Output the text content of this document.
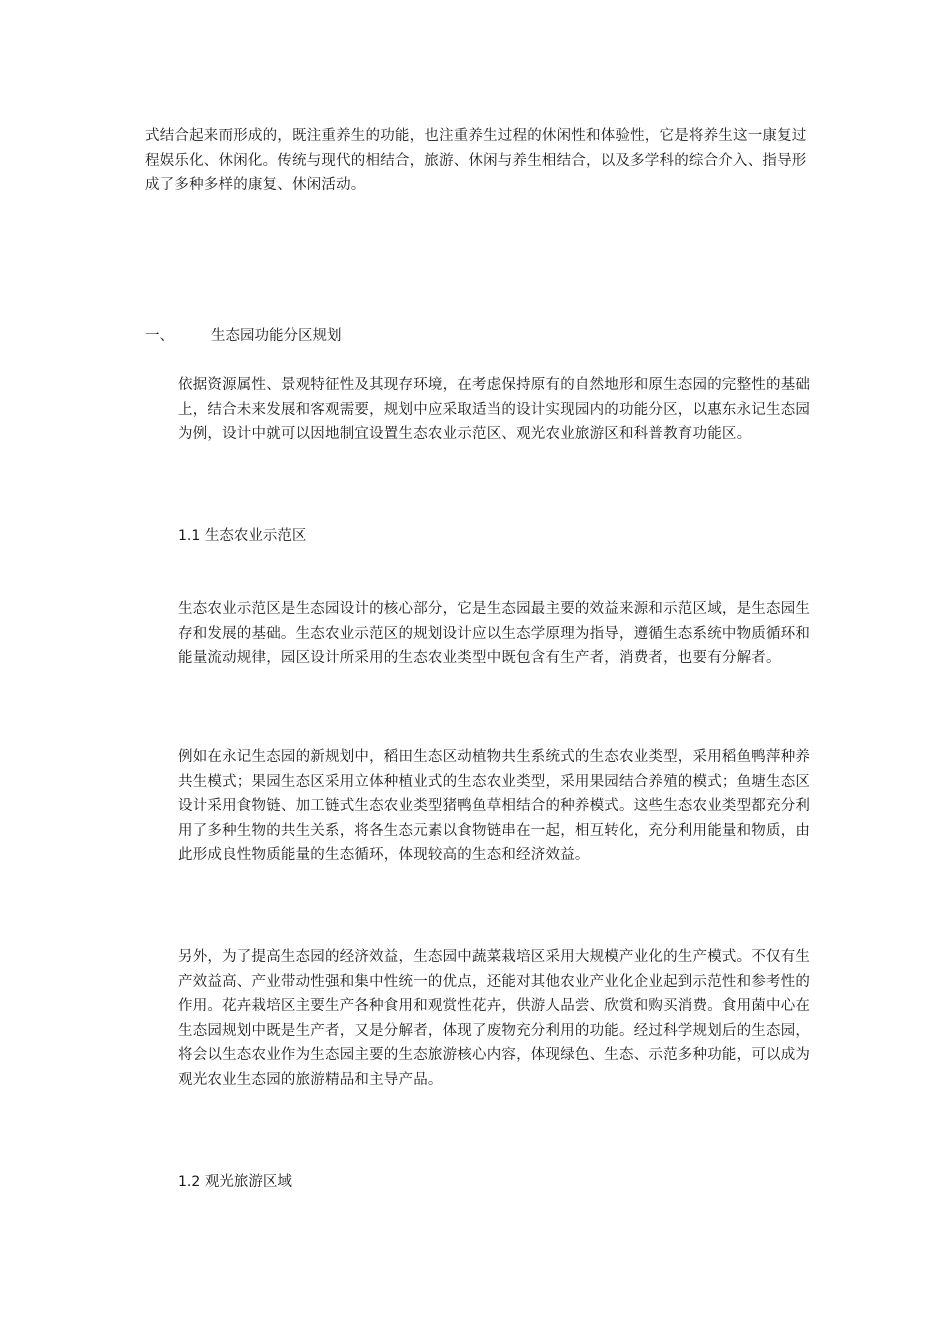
式结合起来而形成的，既注重养生的功能，也注重养生过程的休闲性和体验性，它是将养生这一康复过程娱乐化、休闲化。传统与现代的相结合，旅游、休闲与养生相结合，以及多学科的综合介入、指导形成了多种多样的康复、休闲活动。

一、	生态园功能分区规划

依据资源属性、景观特征性及其现存环境，在考虑保持原有的自然地形和原生态园的完整性的基础上，结合未来发展和客观需要，规划中应采取适当的设计实现园内的功能分区，以惠东永记生态园为例，设计中就可以因地制宜设置生态农业示范区、观光农业旅游区和科普教育功能区。

1.1 生态农业示范区

生态农业示范区是生态园设计的核心部分，它是生态园最主要的效益来源和示范区域，是生态园生存和发展的基础。生态农业示范区的规划设计应以生态学原理为指导，遵循生态系统中物质循环和能量流动规律，园区设计所采用的生态农业类型中既包含有生产者，消费者，也要有分解者。

例如在永记生态园的新规划中，稻田生态区动植物共生系统式的生态农业类型，采用稻鱼鸭萍种养共生模式；果园生态区采用立体种植业式的生态农业类型，采用果园结合养殖的模式；鱼塘生态区设计采用食物链、加工链式生态农业类型猪鸭鱼草相结合的种养模式。这些生态农业类型都充分利用了多种生物的共生关系，将各生态元素以食物链串在一起，相互转化，充分利用能量和物质，由此形成良性物质能量的生态循环，体现较高的生态和经济效益。

另外，为了提高生态园的经济效益，生态园中蔬菜栽培区采用大规模产业化的生产模式。不仅有生产效益高、产业带动性强和集中性统一的优点，还能对其他农业产业化企业起到示范性和参考性的作用。花卉栽培区主要生产各种食用和观赏性花卉，供游人品尝、欣赏和购买消费。食用菌中心在生态园规划中既是生产者，又是分解者，体现了废物充分利用的功能。经过科学规划后的生态园，将会以生态农业作为生态园主要的生态旅游核心内容，体现绿色、生态、示范多种功能，可以成为观光农业生态园的旅游精品和主导产品。

1.2 观光旅游区域
